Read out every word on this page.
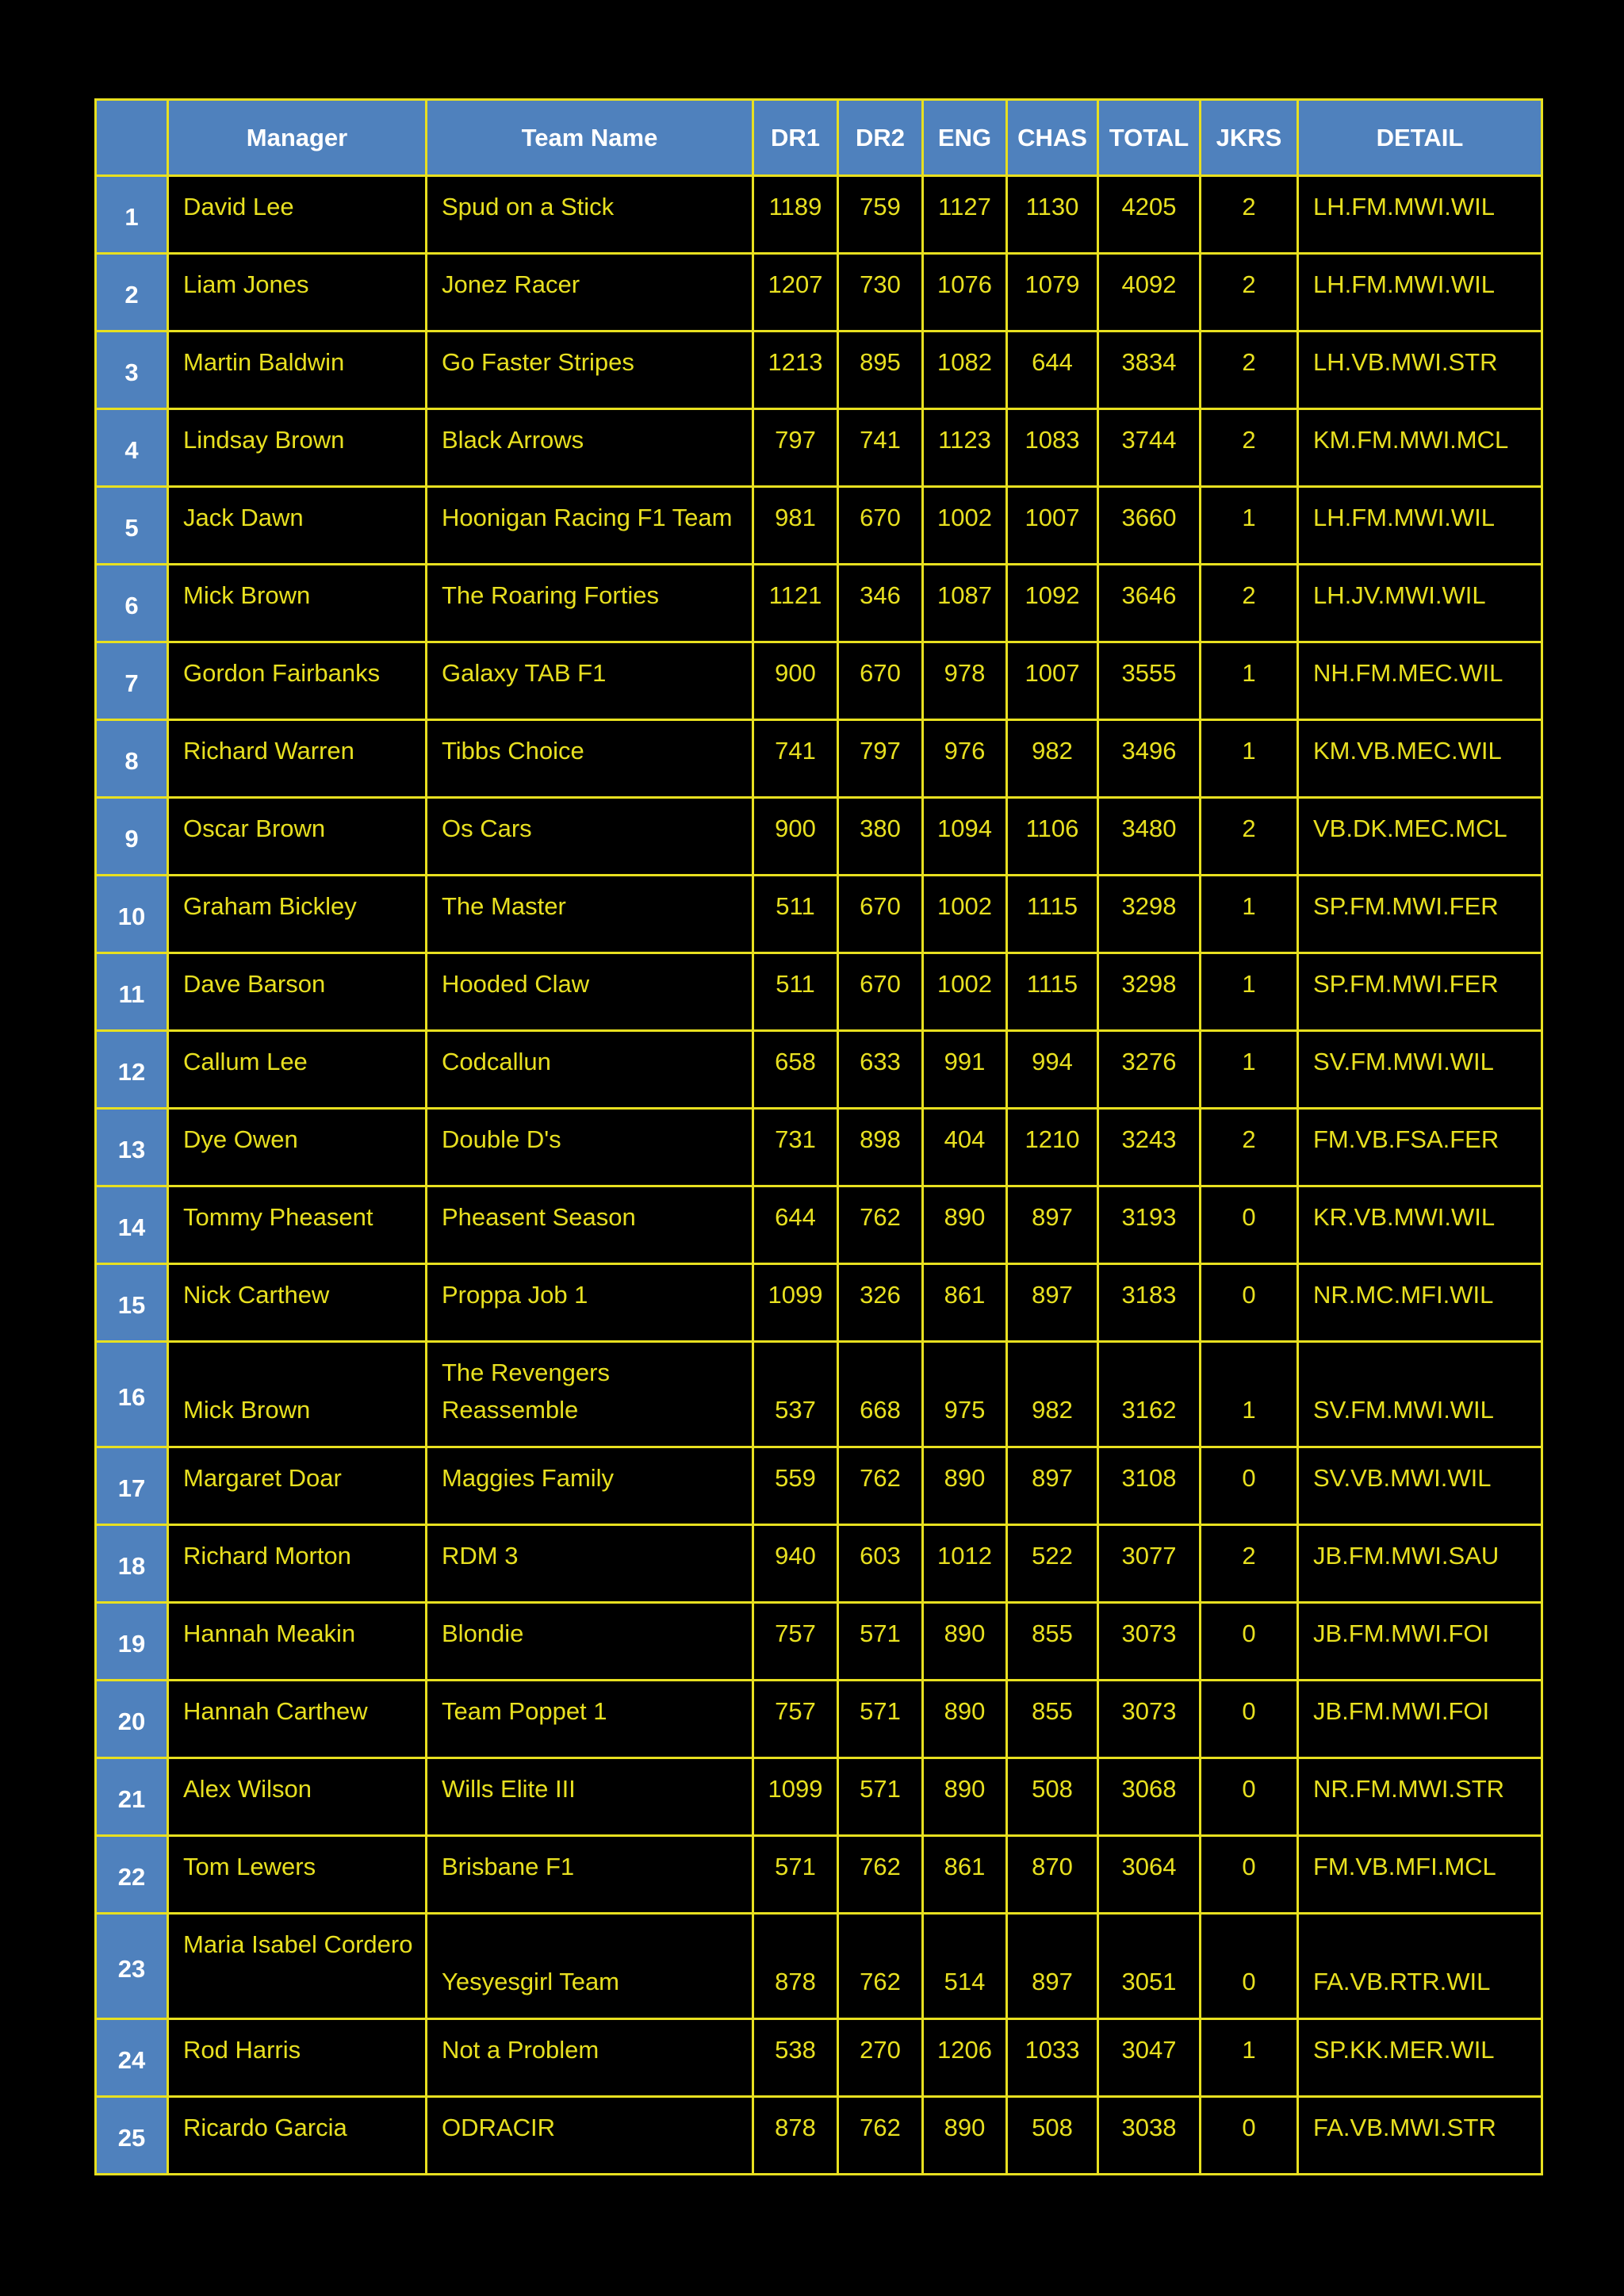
	Manager	Team Name	DR1	DR2	ENG	CHAS	TOTAL	JKRS	DETAIL
1	David Lee	Spud on a Stick	1189	759	1127	1130	4205	2	LH.FM.MWI.WIL
2	Liam Jones	Jonez Racer	1207	730	1076	1079	4092	2	LH.FM.MWI.WIL
3	Martin Baldwin	Go Faster Stripes	1213	895	1082	644	3834	2	LH.VB.MWI.STR
4	Lindsay Brown	Black Arrows	797	741	1123	1083	3744	2	KM.FM.MWI.MCL
5	Jack Dawn	Hoonigan Racing F1 Team	981	670	1002	1007	3660	1	LH.FM.MWI.WIL
6	Mick Brown	The Roaring Forties	1121	346	1087	1092	3646	2	LH.JV.MWI.WIL
7	Gordon Fairbanks	Galaxy TAB F1	900	670	978	1007	3555	1	NH.FM.MEC.WIL
8	Richard Warren	Tibbs Choice	741	797	976	982	3496	1	KM.VB.MEC.WIL
9	Oscar Brown	Os Cars	900	380	1094	1106	3480	2	VB.DK.MEC.MCL
10	Graham Bickley	The Master	511	670	1002	1115	3298	1	SP.FM.MWI.FER
11	Dave Barson	Hooded Claw	511	670	1002	1115	3298	1	SP.FM.MWI.FER
12	Callum Lee	Codcallun	658	633	991	994	3276	1	SV.FM.MWI.WIL
13	Dye Owen	Double D's	731	898	404	1210	3243	2	FM.VB.FSA.FER
14	Tommy Pheasent	Pheasent Season	644	762	890	897	3193	0	KR.VB.MWI.WIL
15	Nick Carthew	Proppa Job 1	1099	326	861	897	3183	0	NR.MC.MFI.WIL
16	Mick Brown	The Revengers Reassemble	537	668	975	982	3162	1	SV.FM.MWI.WIL
17	Margaret Doar	Maggies Family	559	762	890	897	3108	0	SV.VB.MWI.WIL
18	Richard Morton	RDM 3	940	603	1012	522	3077	2	JB.FM.MWI.SAU
19	Hannah Meakin	Blondie	757	571	890	855	3073	0	JB.FM.MWI.FOI
20	Hannah Carthew	Team Poppet 1	757	571	890	855	3073	0	JB.FM.MWI.FOI
21	Alex Wilson	Wills Elite III	1099	571	890	508	3068	0	NR.FM.MWI.STR
22	Tom Lewers	Brisbane F1	571	762	861	870	3064	0	FM.VB.MFI.MCL
23	Maria Isabel Cordero	Yesyesgirl Team	878	762	514	897	3051	0	FA.VB.RTR.WIL
24	Rod Harris	Not a Problem	538	270	1206	1033	3047	1	SP.KK.MER.WIL
25	Ricardo Garcia	ODRACIR	878	762	890	508	3038	0	FA.VB.MWI.STR
